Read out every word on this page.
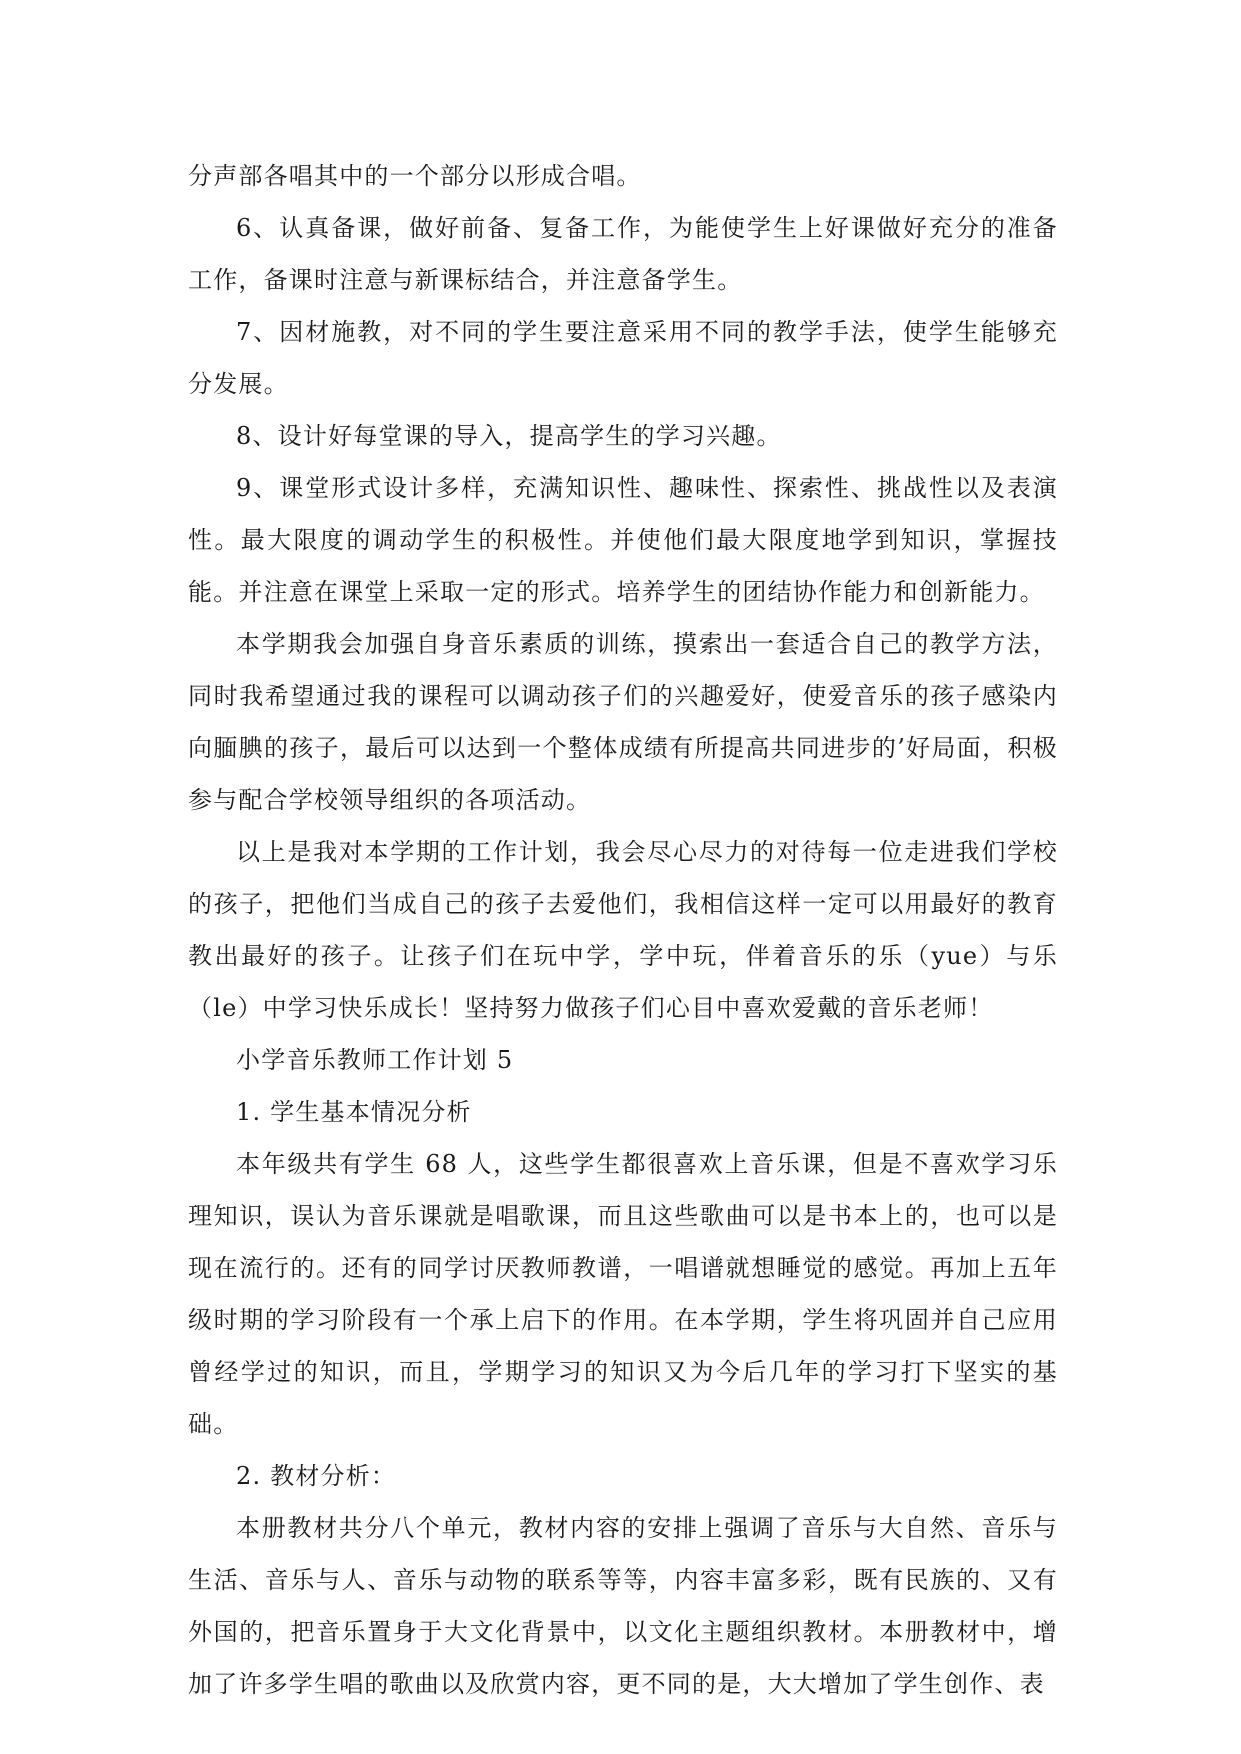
分声部各唱其中的一个部分以形成合唱。

6、认真备课，做好前备、复备工作，为能使学生上好课做好充分的准备工作，备课时注意与新课标结合，并注意备学生。

7、因材施教，对不同的学生要注意采用不同的教学手法，使学生能够充分发展。

8、设计好每堂课的导入，提高学生的学习兴趣。

9、课堂形式设计多样，充满知识性、趣味性、探索性、挑战性以及表演性。最大限度的调动学生的积极性。并使他们最大限度地学到知识，掌握技能。并注意在课堂上采取一定的形式。培养学生的团结协作能力和创新能力。

本学期我会加强自身音乐素质的训练，摸索出一套适合自己的教学方法，同时我希望通过我的课程可以调动孩子们的兴趣爱好，使爱音乐的孩子感染内向腼腆的孩子，最后可以达到一个整体成绩有所提高共同进步的’好局面，积极参与配合学校领导组织的各项活动。

以上是我对本学期的工作计划，我会尽心尽力的对待每一位走进我们学校的孩子，把他们当成自己的孩子去爱他们，我相信这样一定可以用最好的教育教出最好的孩子。让孩子们在玩中学，学中玩，伴着音乐的乐（yue）与乐（le）中学习快乐成长！坚持努力做孩子们心目中喜欢爱戴的音乐老师！

小学音乐教师工作计划 5

1. 学生基本情况分析

本年级共有学生 68 人，这些学生都很喜欢上音乐课，但是不喜欢学习乐理知识，误认为音乐课就是唱歌课，而且这些歌曲可以是书本上的，也可以是现在流行的。还有的同学讨厌教师教谱，一唱谱就想睡觉的感觉。再加上五年级时期的学习阶段有一个承上启下的作用。在本学期，学生将巩固并自己应用曾经学过的知识，而且，学期学习的知识又为今后几年的学习打下坚实的基础。

2. 教材分析：

本册教材共分八个单元，教材内容的安排上强调了音乐与大自然、音乐与生活、音乐与人、音乐与动物的联系等等，内容丰富多彩，既有民族的、又有外国的，把音乐置身于大文化背景中，以文化主题组织教材。本册教材中，增加了许多学生唱的歌曲以及欣赏内容，更不同的是，大大增加了学生创作、表
